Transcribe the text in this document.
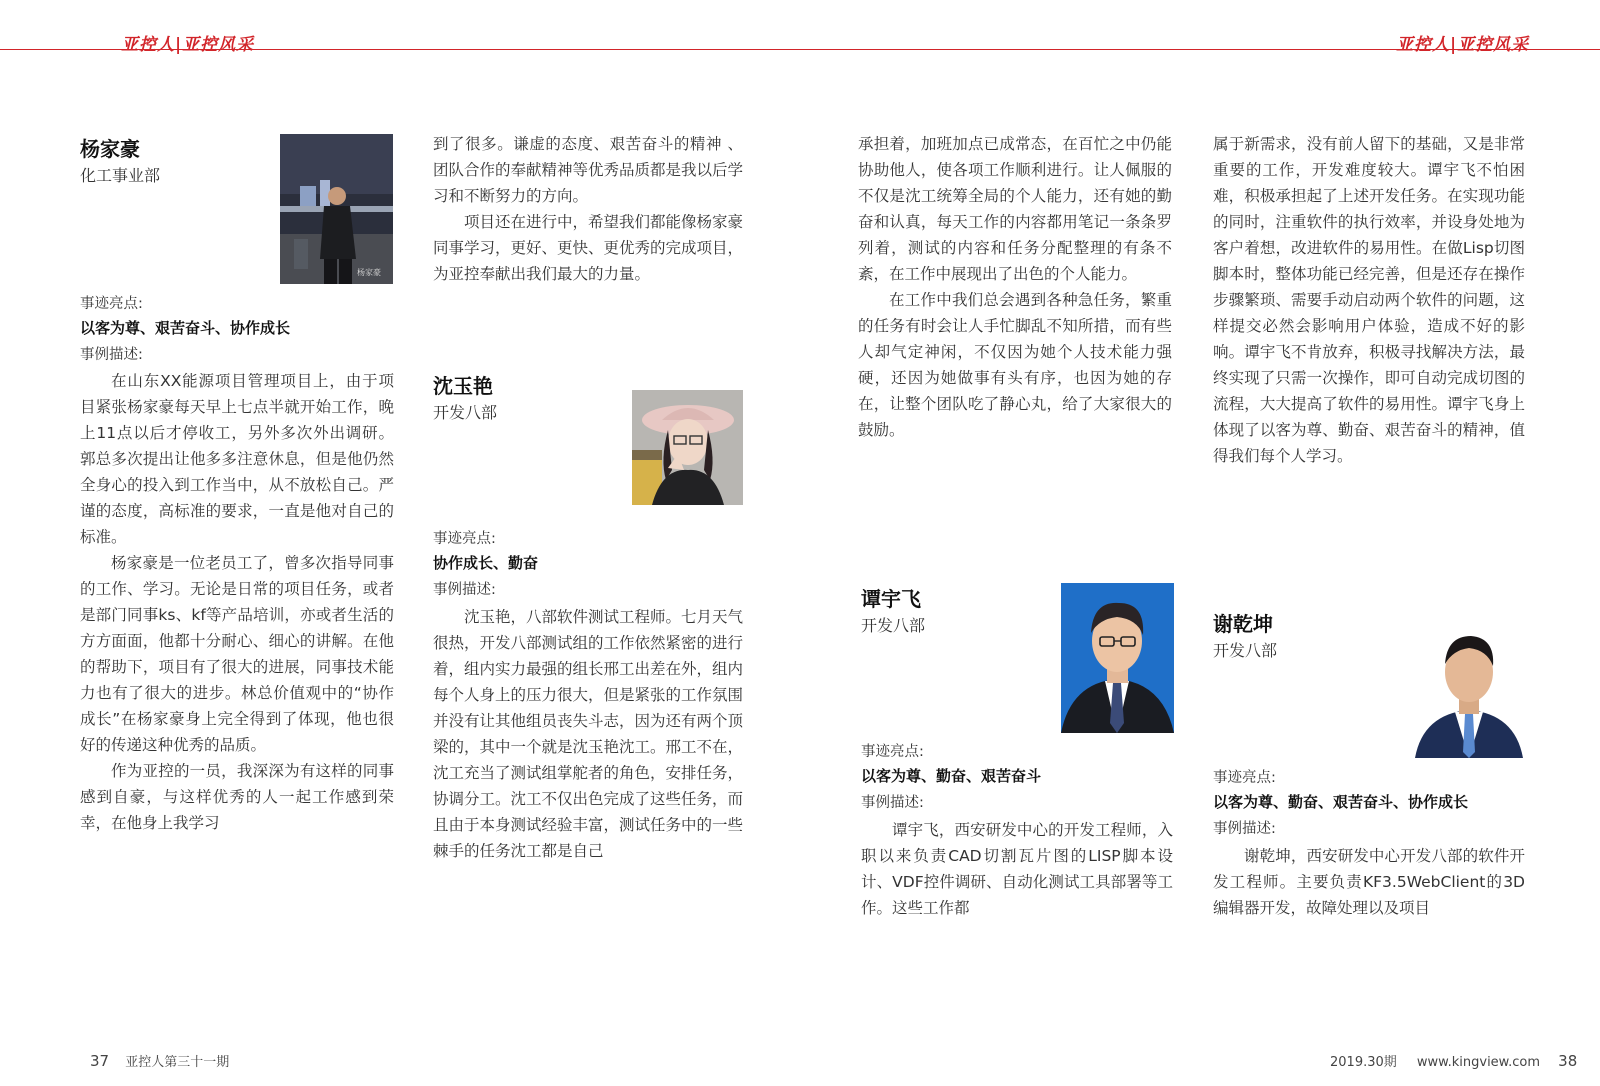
亚控人|亚控风采	亚控人|亚控风采
杨家豪
化工事业部
杨家豪
事迹亮点:
以客为尊、艰苦奋斗、协作成长
事例描述:

在山东XX能源项目管理项目上，由于项目紧张杨家豪每天早上七点半就开始工作，晚上11点以后才停收工，另外多次外出调研。郭总多次提出让他多多注意休息，但是他仍然全身心的投入到工作当中，从不放松自己。严谨的态度，高标准的要求，一直是他对自己的标准。

杨家豪是一位老员工了，曾多次指导同事的工作、学习。无论是日常的项目任务，或者是部门同事ks、kf等产品培训，亦或者生活的方方面面，他都十分耐心、细心的讲解。在他的帮助下，项目有了很大的进展，同事技术能力也有了很大的进步。林总价值观中的“协作成长”在杨家豪身上完全得到了体现，他也很好的传递这种优秀的品质。

作为亚控的一员，我深深为有这样的同事感到自豪，与这样优秀的人一起工作感到荣幸，在他身上我学习

到了很多。谦虚的态度、艰苦奋斗的精神 、团队合作的奉献精神等优秀品质都是我以后学习和不断努力的方向。

项目还在进行中，希望我们都能像杨家豪同事学习，更好、更快、更优秀的完成项目，为亚控奉献出我们最大的力量。

沈玉艳
开发八部
事迹亮点:
协作成长、勤奋
事例描述:

沈玉艳，八部软件测试工程师。七月天气很热，开发八部测试组的工作依然紧密的进行着，组内实力最强的组长邢工出差在外，组内每个人身上的压力很大，但是紧张的工作氛围并没有让其他组员丧失斗志，因为还有两个顶梁的，其中一个就是沈玉艳沈工。邢工不在，沈工充当了测试组掌舵者的角色，安排任务，协调分工。沈工不仅出色完成了这些任务，而且由于本身测试经验丰富，测试任务中的一些棘手的任务沈工都是自己

承担着，加班加点已成常态，在百忙之中仍能协助他人，使各项工作顺利进行。让人佩服的不仅是沈工统筹全局的个人能力，还有她的勤奋和认真，每天工作的内容都用笔记一条条罗列着，测试的内容和任务分配整理的有条不紊，在工作中展现出了出色的个人能力。

在工作中我们总会遇到各种急任务，繁重的任务有时会让人手忙脚乱不知所措，而有些人却气定神闲，不仅因为她个人技术能力强硬，还因为她做事有头有序，也因为她的存在，让整个团队吃了静心丸，给了大家很大的鼓励。

谭宇飞
开发八部
事迹亮点:
以客为尊、勤奋、艰苦奋斗
事例描述:

谭宇飞，西安研发中心的开发工程师，入职以来负责CAD切割瓦片图的LISP脚本设计、VDF控件调研、自动化测试工具部署等工作。这些工作都

属于新需求，没有前人留下的基础，又是非常重要的工作，开发难度较大。谭宇飞不怕困难，积极承担起了上述开发任务。在实现功能的同时，注重软件的执行效率，并设身处地为客户着想，改进软件的易用性。在做Lisp切图脚本时，整体功能已经完善，但是还存在操作步骤繁琐、需要手动启动两个软件的问题，这样提交必然会影响用户体验，造成不好的影响。谭宇飞不肯放弃，积极寻找解决方法，最终实现了只需一次操作，即可自动完成切图的流程，大大提高了软件的易用性。谭宇飞身上体现了以客为尊、勤奋、艰苦奋斗的精神，值得我们每个人学习。

谢乾坤
开发八部
事迹亮点:
以客为尊、勤奋、艰苦奋斗、协作成长
事例描述:

谢乾坤，西安研发中心开发八部的软件开发工程师。主要负责KF3.5WebClient的3D编辑器开发，故障处理以及项目

37 亚控人第三十一期	2019.30期 www.kingview.com 38
